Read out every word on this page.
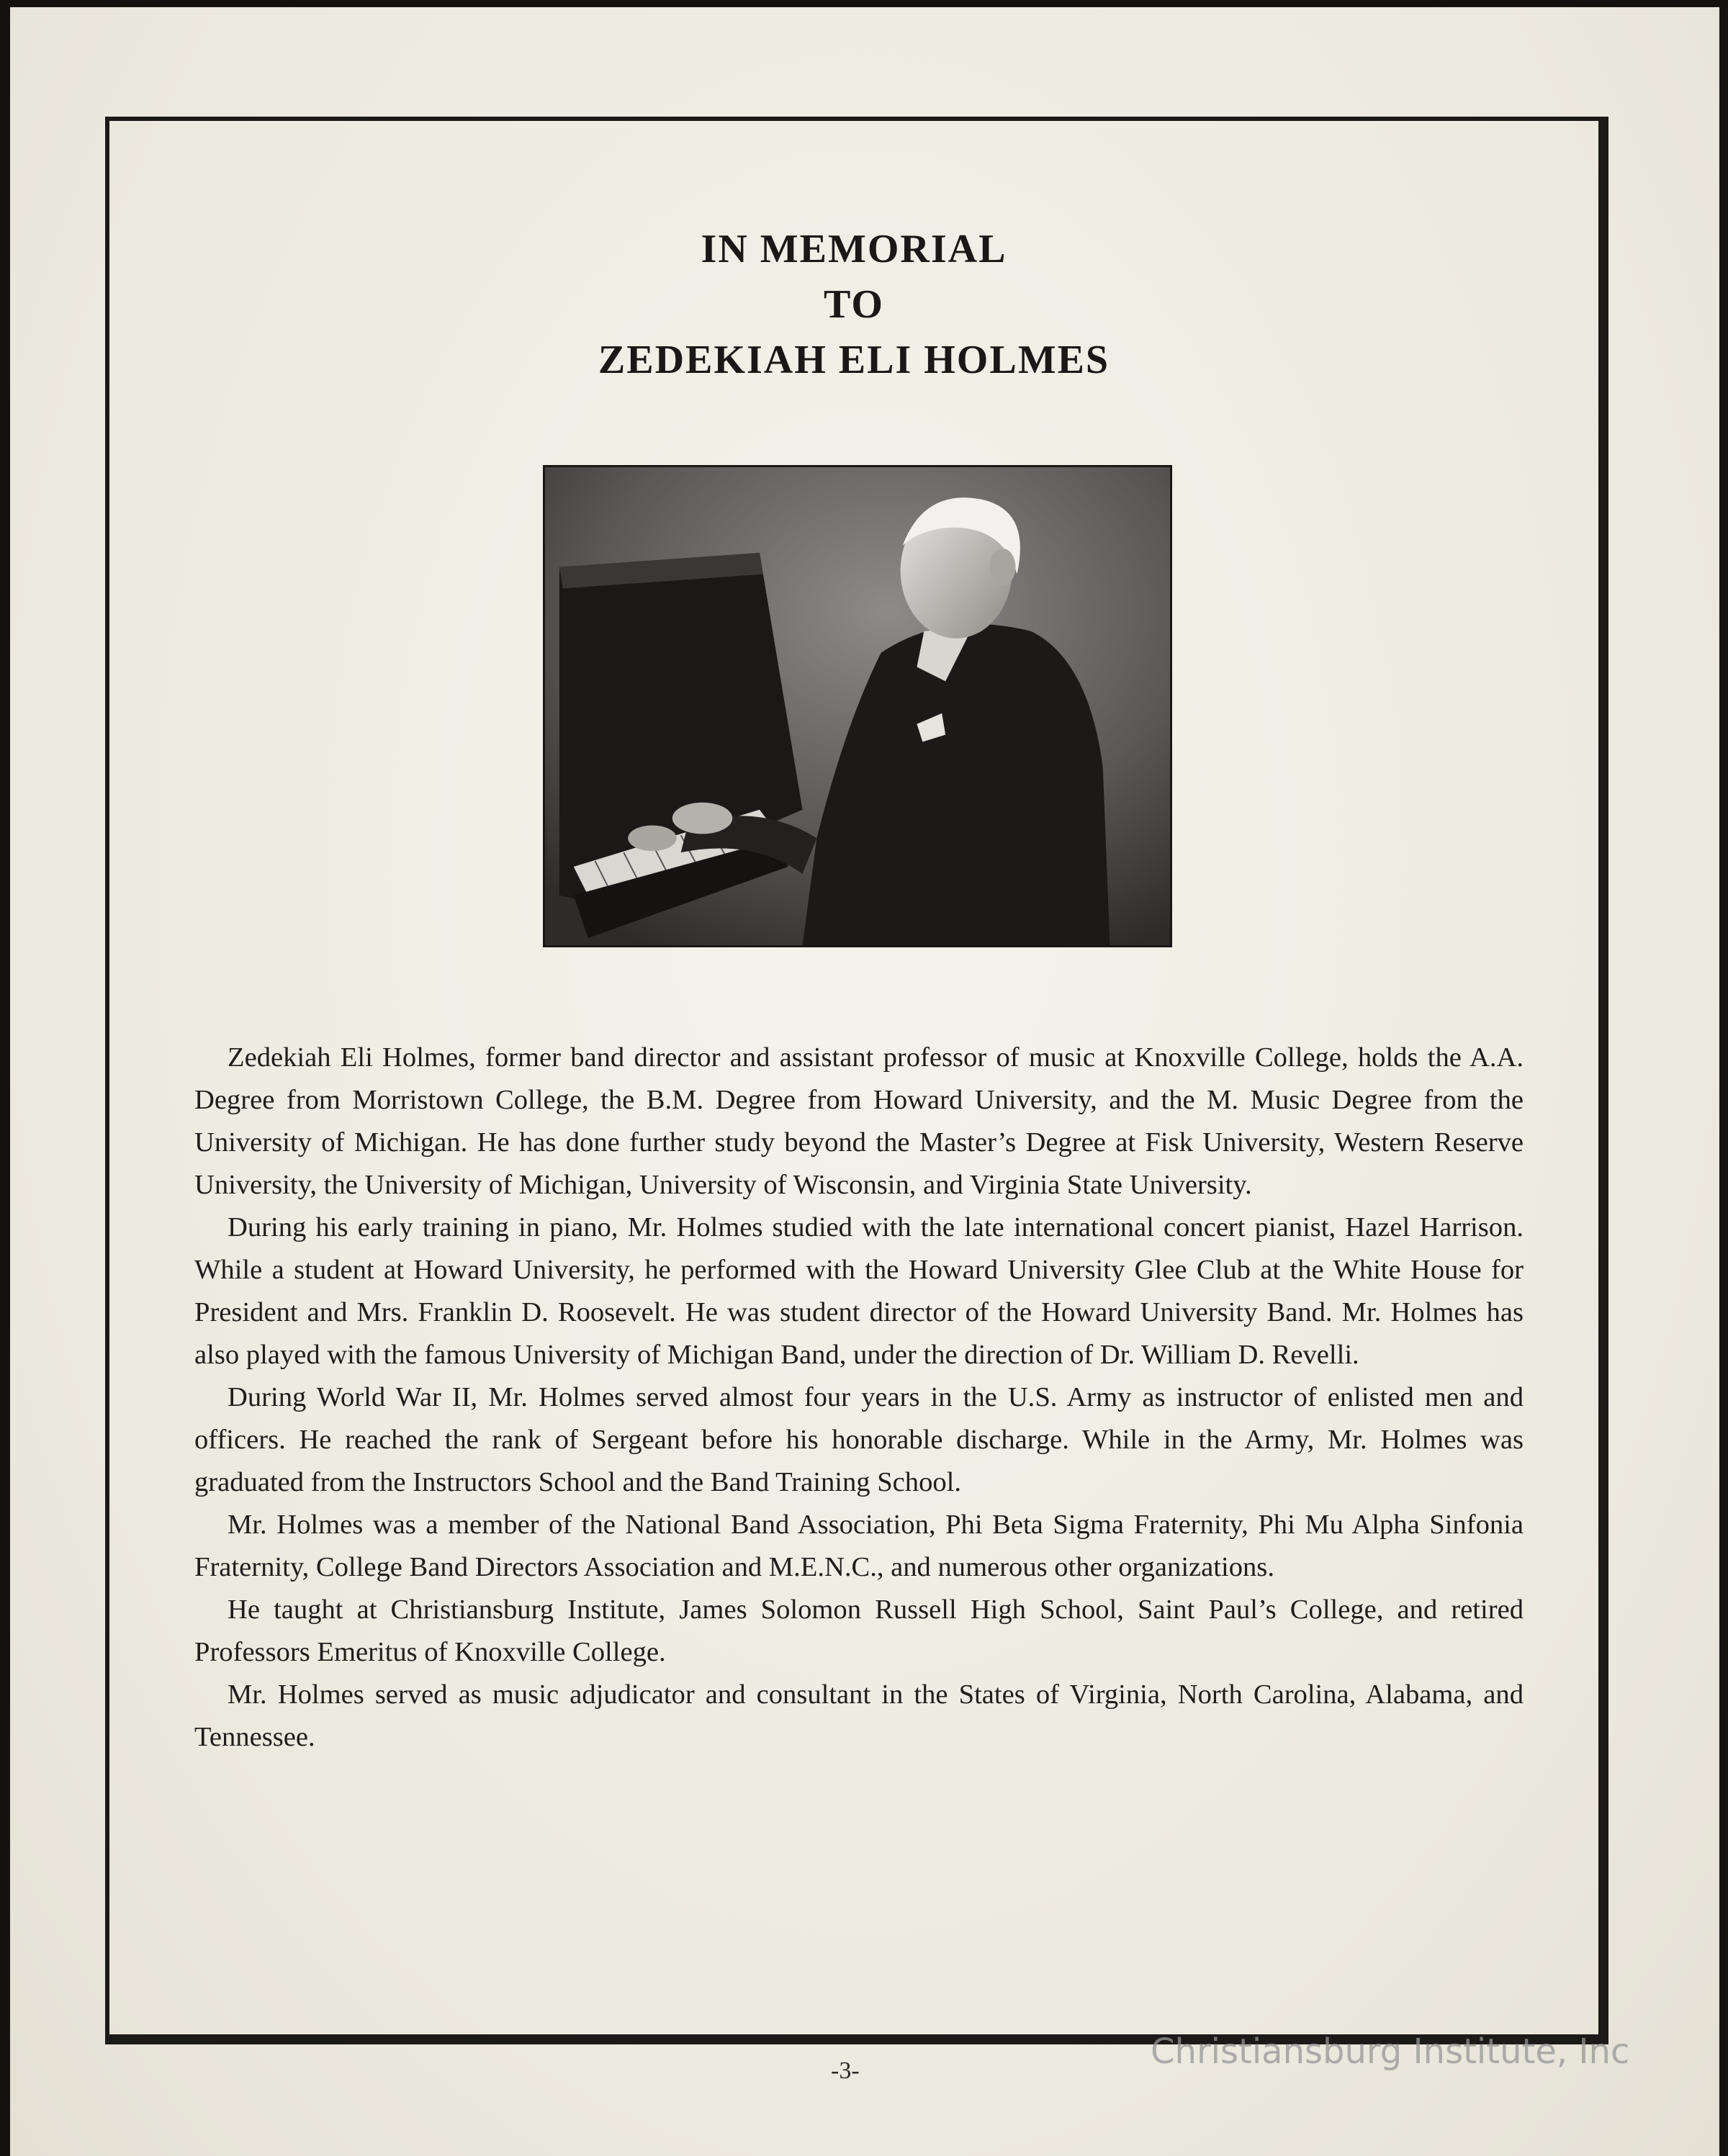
IN MEMORIAL
TO
ZEDEKIAH ELI HOLMES

Zedekiah Eli Holmes, former band director and assistant professor of music at Knoxville College, holds the A.A. Degree from Morristown College, the B.M. Degree from Howard University, and the M. Music Degree from the University of Michigan. He has done further study beyond the Master’s Degree at Fisk University, Western Reserve University, the University of Michigan, University of Wisconsin, and Virginia State University.

During his early training in piano, Mr. Holmes studied with the late international concert pianist, Hazel Harrison. While a student at Howard University, he performed with the Howard University Glee Club at the White House for President and Mrs. Franklin D. Roosevelt. He was student director of the Howard University Band. Mr. Holmes has also played with the famous University of Michigan Band, under the direction of Dr. William D. Revelli.

During World War II, Mr. Holmes served almost four years in the U.S. Army as instructor of enlisted men and officers. He reached the rank of Sergeant before his honorable discharge. While in the Army, Mr. Holmes was graduated from the Instructors School and the Band Training School.

Mr. Holmes was a member of the National Band Association, Phi Beta Sigma Fraternity, Phi Mu Alpha Sinfonia Fraternity, College Band Directors Association and M.E.N.C., and numerous other organizations.

He taught at Christiansburg Institute, James Solomon Russell High School, Saint Paul’s College, and retired Professors Emeritus of Knoxville College.

Mr. Holmes served as music adjudicator and consultant in the States of Virginia, North Carolina, Alabama, and Tennessee.

-3-	Christiansburg Institute, Inc
